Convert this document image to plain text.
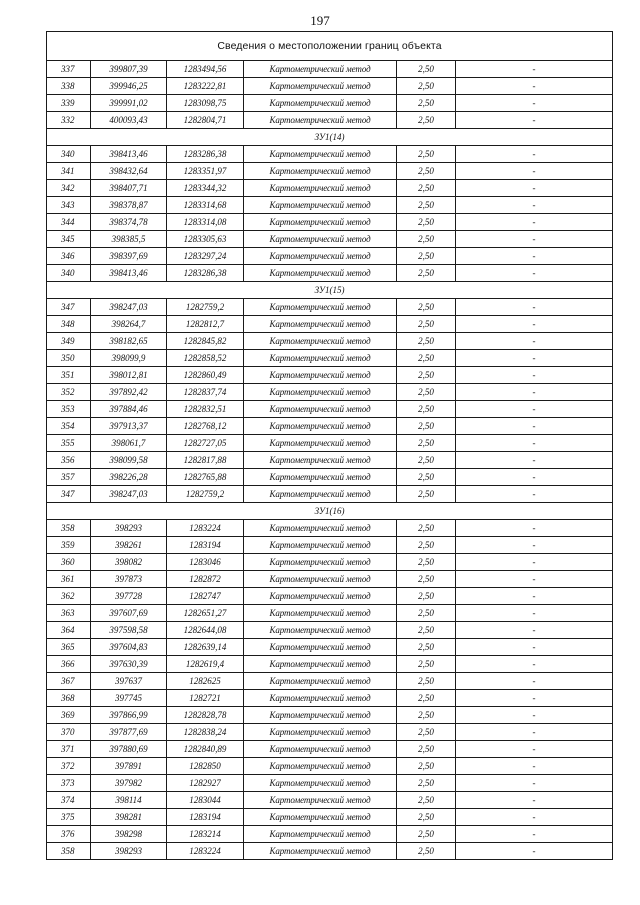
197
Сведения о местоположении границ объекта					
337	399807,39	1283494,56	Картометрический метод	2,50	-
338	399946,25	1283222,81	Картометрический метод	2,50	-
339	399991,02	1283098,75	Картометрический метод	2,50	-
332	400093,43	1282804,71	Картометрический метод	2,50	-
ЗУ1(14)					
340	398413,46	1283286,38	Картометрический метод	2,50	-
341	398432,64	1283351,97	Картометрический метод	2,50	-
342	398407,71	1283344,32	Картометрический метод	2,50	-
343	398378,87	1283314,68	Картометрический метод	2,50	-
344	398374,78	1283314,08	Картометрический метод	2,50	-
345	398385,5	1283305,63	Картометрический метод	2,50	-
346	398397,69	1283297,24	Картометрический метод	2,50	-
340	398413,46	1283286,38	Картометрический метод	2,50	-
ЗУ1(15)					
347	398247,03	1282759,2	Картометрический метод	2,50	-
348	398264,7	1282812,7	Картометрический метод	2,50	-
349	398182,65	1282845,82	Картометрический метод	2,50	-
350	398099,9	1282858,52	Картометрический метод	2,50	-
351	398012,81	1282860,49	Картометрический метод	2,50	-
352	397892,42	1282837,74	Картометрический метод	2,50	-
353	397884,46	1282832,51	Картометрический метод	2,50	-
354	397913,37	1282768,12	Картометрический метод	2,50	-
355	398061,7	1282727,05	Картометрический метод	2,50	-
356	398099,58	1282817,88	Картометрический метод	2,50	-
357	398226,28	1282765,88	Картометрический метод	2,50	-
347	398247,03	1282759,2	Картометрический метод	2,50	-
ЗУ1(16)					
358	398293	1283224	Картометрический метод	2,50	-
359	398261	1283194	Картометрический метод	2,50	-
360	398082	1283046	Картометрический метод	2,50	-
361	397873	1282872	Картометрический метод	2,50	-
362	397728	1282747	Картометрический метод	2,50	-
363	397607,69	1282651,27	Картометрический метод	2,50	-
364	397598,58	1282644,08	Картометрический метод	2,50	-
365	397604,83	1282639,14	Картометрический метод	2,50	-
366	397630,39	1282619,4	Картометрический метод	2,50	-
367	397637	1282625	Картометрический метод	2,50	-
368	397745	1282721	Картометрический метод	2,50	-
369	397866,99	1282828,78	Картометрический метод	2,50	-
370	397877,69	1282838,24	Картометрический метод	2,50	-
371	397880,69	1282840,89	Картометрический метод	2,50	-
372	397891	1282850	Картометрический метод	2,50	-
373	397982	1282927	Картометрический метод	2,50	-
374	398114	1283044	Картометрический метод	2,50	-
375	398281	1283194	Картометрический метод	2,50	-
376	398298	1283214	Картометрический метод	2,50	-
358	398293	1283224	Картометрический метод	2,50	-
